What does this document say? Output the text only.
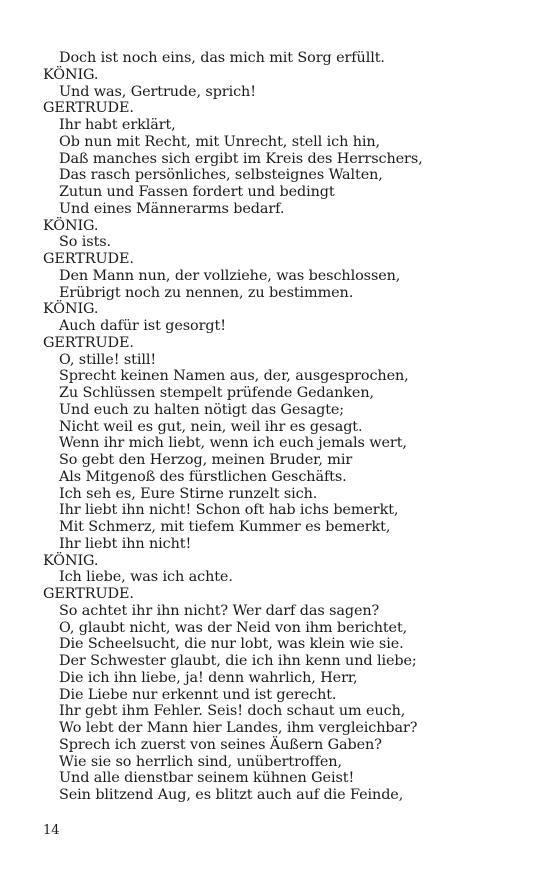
Doch ist noch eins, das mich mit Sorg erfüllt.
KÖNIG.
Und was, Gertrude, sprich!
GERTRUDE.
Ihr habt erklärt,
Ob nun mit Recht, mit Unrecht, stell ich hin,
Daß manches sich ergibt im Kreis des Herrschers,
Das rasch persönliches, selbsteignes Walten,
Zutun und Fassen fordert und bedingt
Und eines Männerarms bedarf.
KÖNIG.
So ists.
GERTRUDE.
Den Mann nun, der vollziehe, was beschlossen,
Erübrigt noch zu nennen, zu bestimmen.
KÖNIG.
Auch dafür ist gesorgt!
GERTRUDE.
O, stille! still!
Sprecht keinen Namen aus, der, ausgesprochen,
Zu Schlüssen stempelt prüfende Gedanken,
Und euch zu halten nötigt das Gesagte;
Nicht weil es gut, nein, weil ihr es gesagt.
Wenn ihr mich liebt, wenn ich euch jemals wert,
So gebt den Herzog, meinen Bruder, mir
Als Mitgenoß des fürstlichen Geschäfts.
Ich seh es, Eure Stirne runzelt sich.
Ihr liebt ihn nicht! Schon oft hab ichs bemerkt,
Mit Schmerz, mit tiefem Kummer es bemerkt,
Ihr liebt ihn nicht!
KÖNIG.
Ich liebe, was ich achte.
GERTRUDE.
So achtet ihr ihn nicht? Wer darf das sagen?
O, glaubt nicht, was der Neid von ihm berichtet,
Die Scheelsucht, die nur lobt, was klein wie sie.
Der Schwester glaubt, die ich ihn kenn und liebe;
Die ich ihn liebe, ja! denn wahrlich, Herr,
Die Liebe nur erkennt und ist gerecht.
Ihr gebt ihm Fehler. Seis! doch schaut um euch,
Wo lebt der Mann hier Landes, ihm vergleichbar?
Sprech ich zuerst von seines Äußern Gaben?
Wie sie so herrlich sind, unübertroffen,
Und alle dienstbar seinem kühnen Geist!
Sein blitzend Aug, es blitzt auch auf die Feinde,
14
